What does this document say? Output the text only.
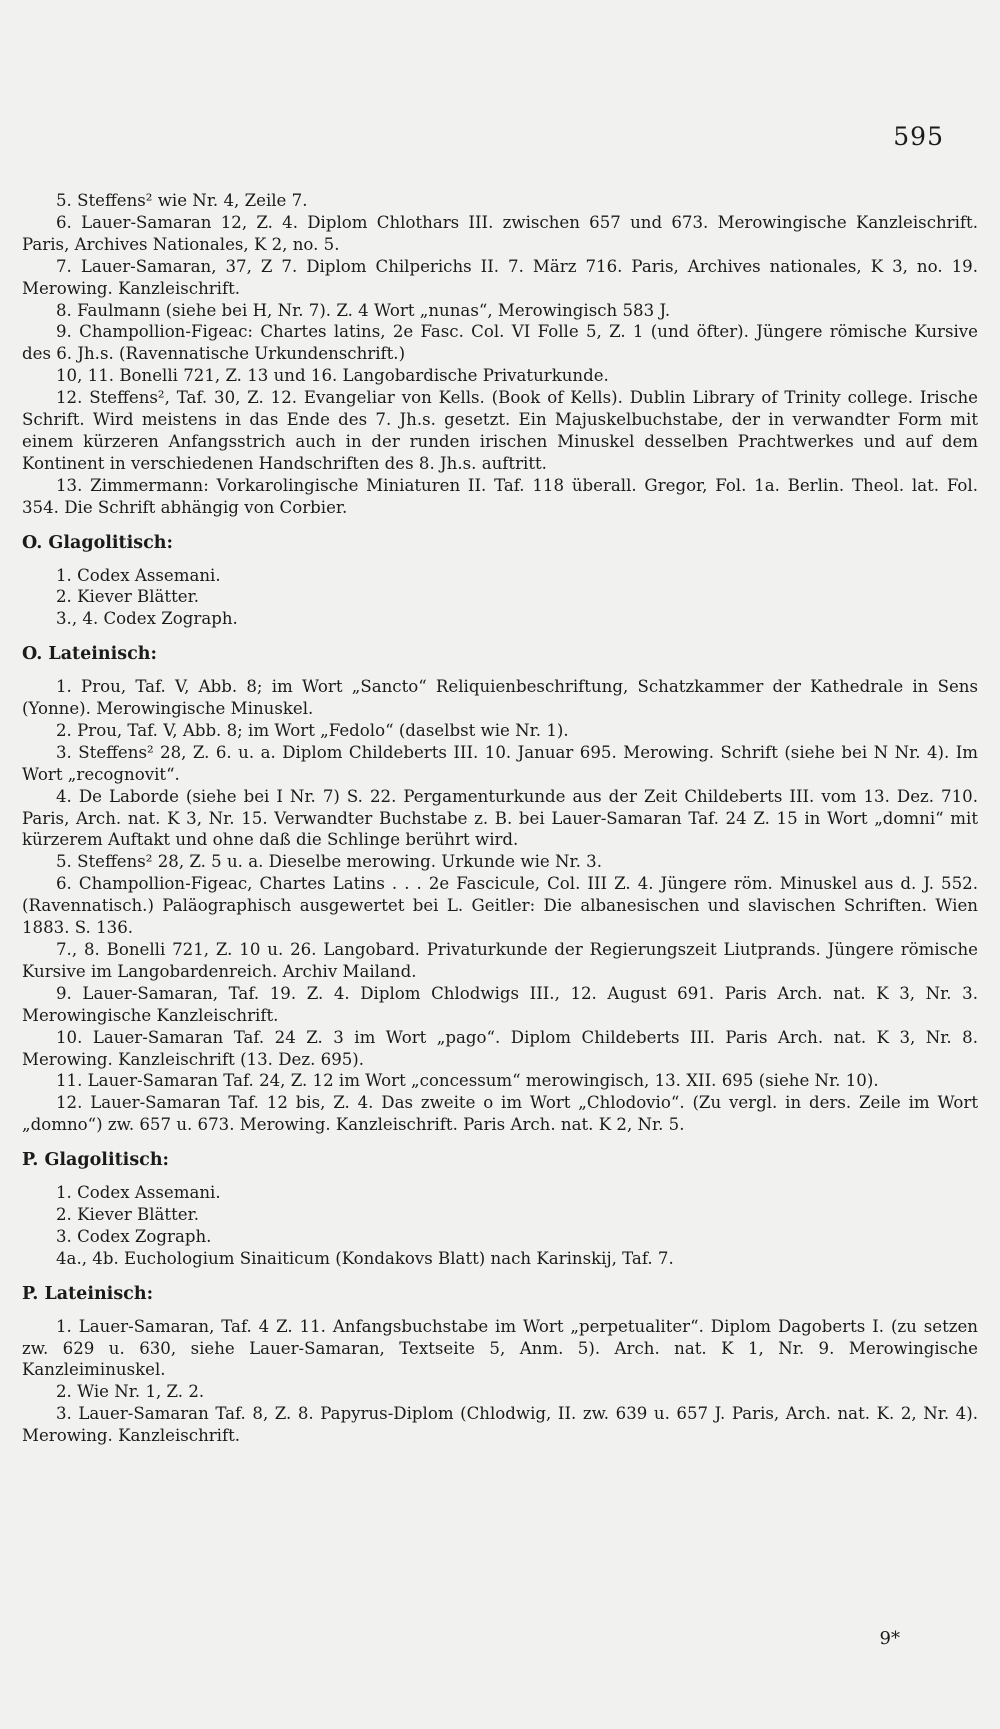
595

5. Steffens² wie Nr. 4, Zeile 7.

6. Lauer-Samaran 12, Z. 4. Diplom Chlothars III. zwischen 657 und 673. Merowingische Kanzleischrift. Paris, Archives Nationales, K 2, no. 5.

7. Lauer-Samaran, 37, Z 7. Diplom Chilperichs II. 7. März 716. Paris, Archives nationales, K 3, no. 19. Merowing. Kanzleischrift.

8. Faulmann (siehe bei H, Nr. 7). Z. 4 Wort „nunas“, Merowingisch 583 J.

9. Champollion-Figeac: Chartes latins, 2e Fasc. Col. VI Folle 5, Z. 1 (und öfter). Jüngere römische Kursive des 6. Jh.s. (Ravennatische Urkundenschrift.)

10, 11. Bonelli 721, Z. 13 und 16. Langobardische Privaturkunde.

12. Steffens², Taf. 30, Z. 12. Evangeliar von Kells. (Book of Kells). Dublin Library of Trinity college. Irische Schrift. Wird meistens in das Ende des 7. Jh.s. gesetzt. Ein Majuskelbuchstabe, der in verwandter Form mit einem kürzeren Anfangsstrich auch in der runden irischen Minuskel desselben Prachtwerkes und auf dem Kontinent in verschiedenen Handschriften des 8. Jh.s. auftritt.

13. Zimmermann: Vorkarolingische Miniaturen II. Taf. 118 überall. Gregor, Fol. 1a. Berlin. Theol. lat. Fol. 354. Die Schrift abhängig von Corbier.

O. Glagolitisch:

1. Codex Assemani.

2. Kiever Blätter.

3., 4. Codex Zograph.

O. Lateinisch:

1. Prou, Taf. V, Abb. 8; im Wort „Sancto“ Reliquienbeschriftung, Schatzkammer der Kathedrale in Sens (Yonne). Merowingische Minuskel.

2. Prou, Taf. V, Abb. 8; im Wort „Fedolo“ (daselbst wie Nr. 1).

3. Steffens² 28, Z. 6. u. a. Diplom Childeberts III. 10. Januar 695. Merowing. Schrift (siehe bei N Nr. 4). Im Wort „recognovit“.

4. De Laborde (siehe bei I Nr. 7) S. 22. Pergamenturkunde aus der Zeit Childeberts III. vom 13. Dez. 710. Paris, Arch. nat. K 3, Nr. 15. Verwandter Buchstabe z. B. bei Lauer-Samaran Taf. 24 Z. 15 in Wort „domni“ mit kürzerem Auftakt und ohne daß die Schlinge berührt wird.

5. Steffens² 28, Z. 5 u. a. Dieselbe merowing. Urkunde wie Nr. 3.

6. Champollion-Figeac, Chartes Latins . . . 2e Fascicule, Col. III Z. 4. Jüngere röm. Minuskel aus d. J. 552. (Ravennatisch.) Paläographisch ausgewertet bei L. Geitler: Die albanesischen und slavischen Schriften. Wien 1883. S. 136.

7., 8. Bonelli 721, Z. 10 u. 26. Langobard. Privaturkunde der Regierungszeit Liutprands. Jüngere römische Kursive im Langobardenreich. Archiv Mailand.

9. Lauer-Samaran, Taf. 19. Z. 4. Diplom Chlodwigs III., 12. August 691. Paris Arch. nat. K 3, Nr. 3. Merowingische Kanzleischrift.

10. Lauer-Samaran Taf. 24 Z. 3 im Wort „pago“. Diplom Childeberts III. Paris Arch. nat. K 3, Nr. 8. Merowing. Kanzleischrift (13. Dez. 695).

11. Lauer-Samaran Taf. 24, Z. 12 im Wort „concessum“ merowingisch, 13. XII. 695 (siehe Nr. 10).

12. Lauer-Samaran Taf. 12 bis, Z. 4. Das zweite o im Wort „Chlodovio“. (Zu vergl. in ders. Zeile im Wort „domno“) zw. 657 u. 673. Merowing. Kanzleischrift. Paris Arch. nat. K 2, Nr. 5.

P. Glagolitisch:

1. Codex Assemani.

2. Kiever Blätter.

3. Codex Zograph.

4a., 4b. Euchologium Sinaiticum (Kondakovs Blatt) nach Karinskij, Taf. 7.

P. Lateinisch:

1. Lauer-Samaran, Taf. 4 Z. 11. Anfangsbuchstabe im Wort „perpetualiter“. Diplom Dagoberts I. (zu setzen zw. 629 u. 630, siehe Lauer-Samaran, Textseite 5, Anm. 5). Arch. nat. K 1, Nr. 9. Merowingische Kanzleiminuskel.

2. Wie Nr. 1, Z. 2.

3. Lauer-Samaran Taf. 8, Z. 8. Papyrus-Diplom (Chlodwig, II. zw. 639 u. 657 J. Paris, Arch. nat. K. 2, Nr. 4). Merowing. Kanzleischrift.

9*
